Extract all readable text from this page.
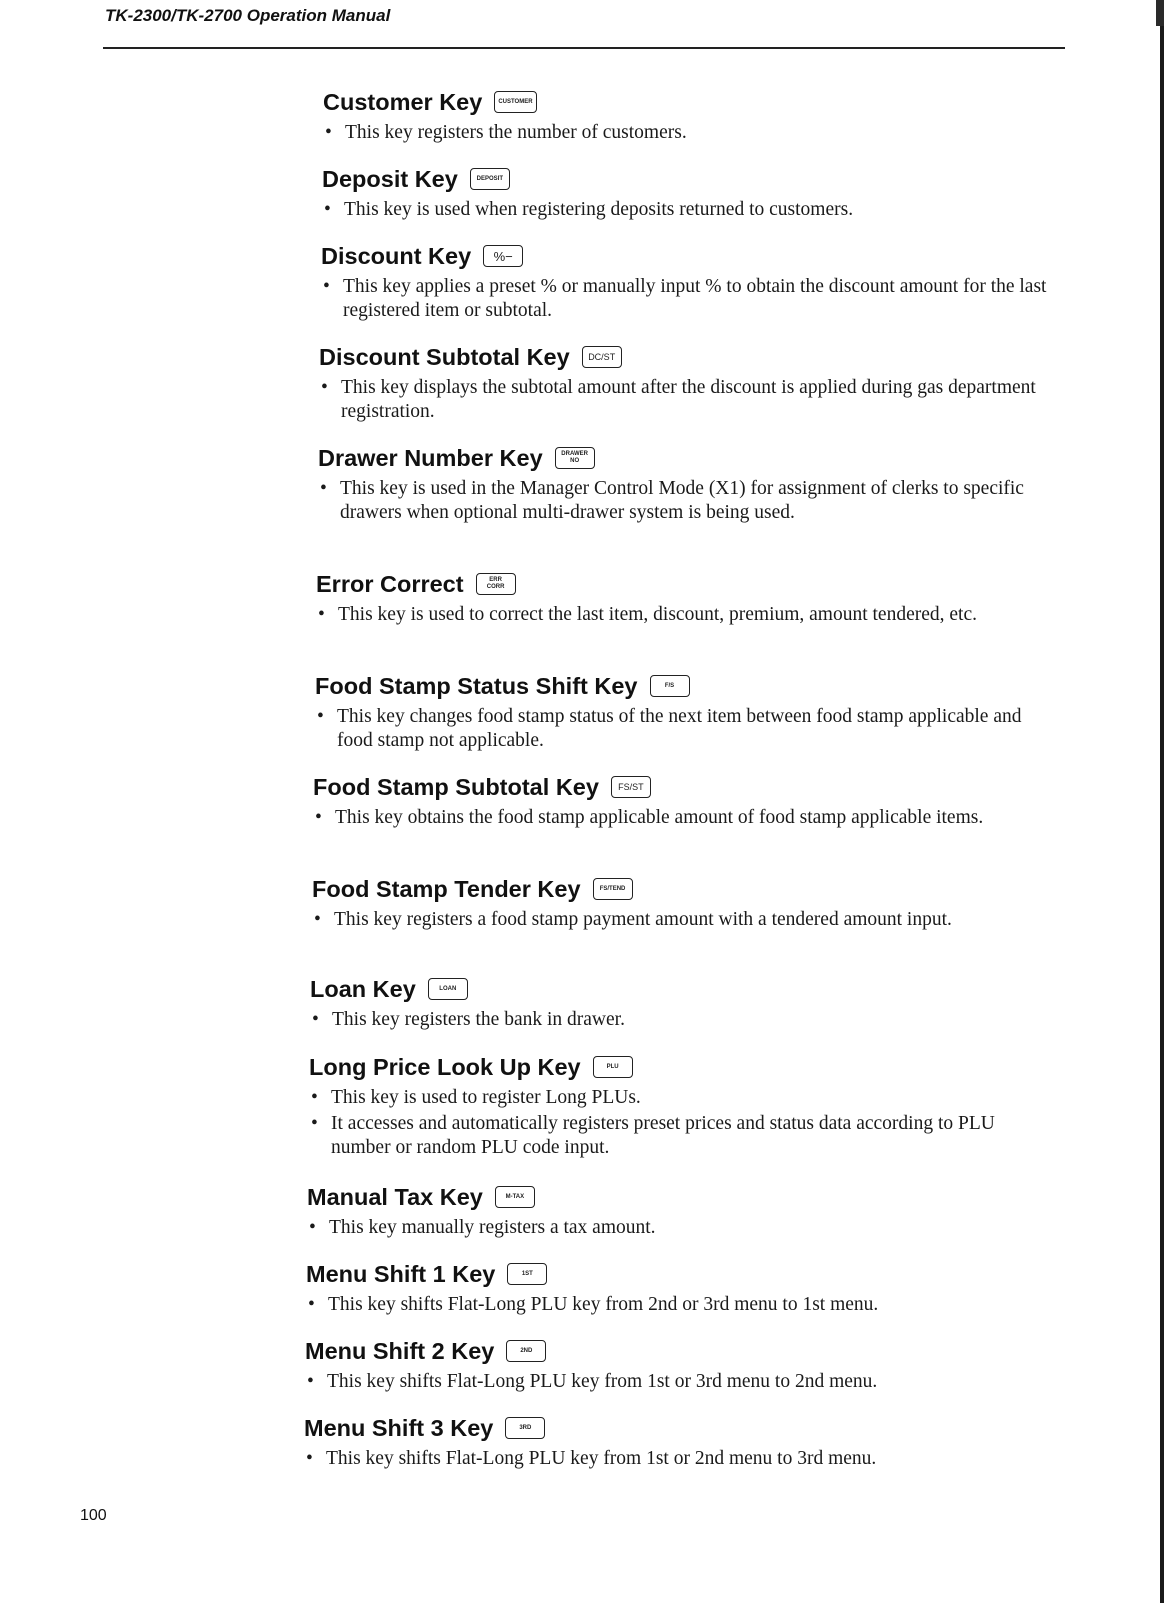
TK-2300/TK-2700 Operation Manual
Customer Key	CUSTOMER
• This key registers the number of customers.
Deposit Key	DEPOSIT
• This key is used when registering deposits returned to customers.
Discount Key	%−
• This key applies a preset % or manually input % to obtain the discount amount for the last registered item or subtotal.
Discount Subtotal Key	DC/ST
• This key displays the subtotal amount after the discount is applied during gas department registration.
Drawer Number Key	DRAWER
NO
• This key is used in the Manager Control Mode (X1) for assignment of clerks to specific drawers when optional multi-drawer system is being used.
Error Correct	ERR
CORR
• This key is used to correct the last item, discount, premium, amount tendered, etc.
Food Stamp Status Shift Key	F/S
• This key changes food stamp status of the next item between food stamp applicable and food stamp not applicable.
Food Stamp Subtotal Key	FS/ST
• This key obtains the food stamp applicable amount of food stamp applicable items.
Food Stamp Tender Key	FS/TEND
• This key registers a food stamp payment amount with a tendered amount input.
Loan Key	LOAN
• This key registers the bank in drawer.
Long Price Look Up Key	PLU
• This key is used to register Long PLUs.
• It accesses and automatically registers preset prices and status data according to PLU number or random PLU code input.
Manual Tax Key	M-TAX
• This key manually registers a tax amount.
Menu Shift 1 Key	1ST
• This key shifts Flat-Long PLU key from 2nd or 3rd menu to 1st menu.
Menu Shift 2 Key	2ND
• This key shifts Flat-Long PLU key from 1st or 3rd menu to 2nd menu.
Menu Shift 3 Key	3RD
• This key shifts Flat-Long PLU key from 1st or 2nd menu to 3rd menu.
100
